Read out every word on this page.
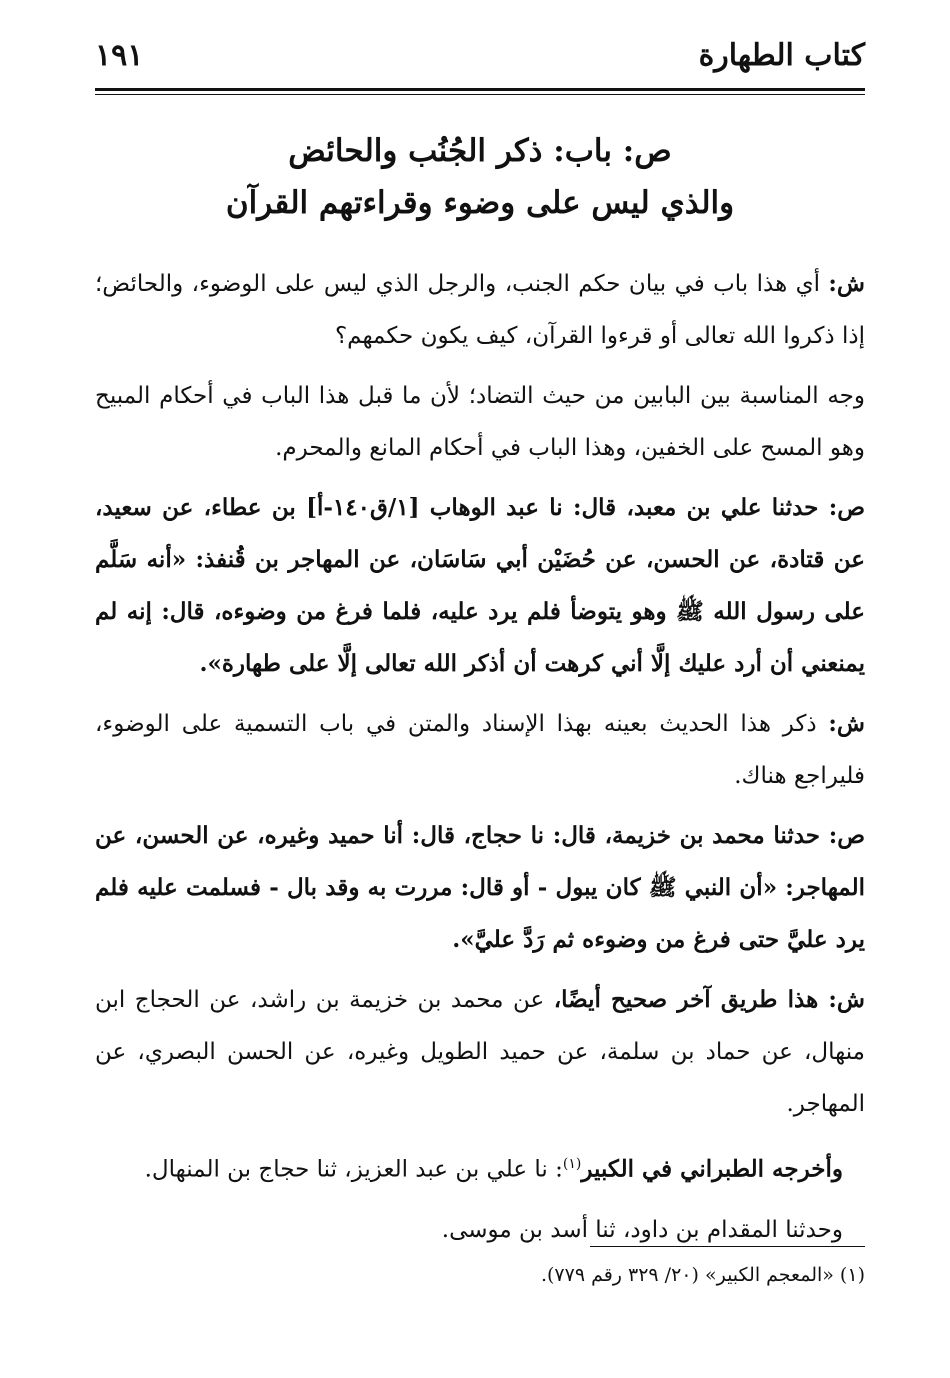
كتاب الطهارة
١٩١
ص: باب: ذكر الجُنُب والحائض
والذي ليس على وضوء وقراءتهم القرآن

ش: أي هذا باب في بيان حكم الجنب، والرجل الذي ليس على الوضوء، والحائض؛ إذا ذكروا الله تعالى أو قرءوا القرآن، كيف يكون حكمهم؟

وجه المناسبة بين البابين من حيث التضاد؛ لأن ما قبل هذا الباب في أحكام المبيح وهو المسح على الخفين، وهذا الباب في أحكام المانع والمحرم.

ص: حدثنا علي بن معبد، قال: نا عبد الوهاب [١/ق١٤٠-أ] بن عطاء، عن سعيد، عن قتادة، عن الحسن، عن حُضَيْن أبي سَاسَان، عن المهاجر بن قُنفذ: «أنه سَلَّم على رسول الله ﷺ وهو يتوضأ فلم يرد عليه، فلما فرغ من وضوءه، قال: إنه لم يمنعني أن أرد عليك إلَّا أني كرهت أن أذكر الله تعالى إلَّا على طهارة».

ش: ذكر هذا الحديث بعينه بهذا الإسناد والمتن في باب التسمية على الوضوء، فليراجع هناك.

ص: حدثنا محمد بن خزيمة، قال: نا حجاج، قال: أنا حميد وغيره، عن الحسن، عن المهاجر: «أن النبي ﷺ كان يبول - أو قال: مررت به وقد بال - فسلمت عليه فلم يرد عليَّ حتى فرغ من وضوءه ثم رَدَّ عليَّ».

ش: هذا طريق آخر صحيح أيضًا، عن محمد بن خزيمة بن راشد، عن الحجاج ابن منهال، عن حماد بن سلمة، عن حميد الطويل وغيره، عن الحسن البصري، عن المهاجر.

وأخرجه الطبراني في الكبير$^{(١)}$: نا علي بن عبد العزيز، ثنا حجاج بن المنهال.

وحدثنا المقدام بن داود، ثنا أسد بن موسى.

(١) «المعجم الكبير» (٢٠/ ٣٢٩ رقم ٧٧٩).
